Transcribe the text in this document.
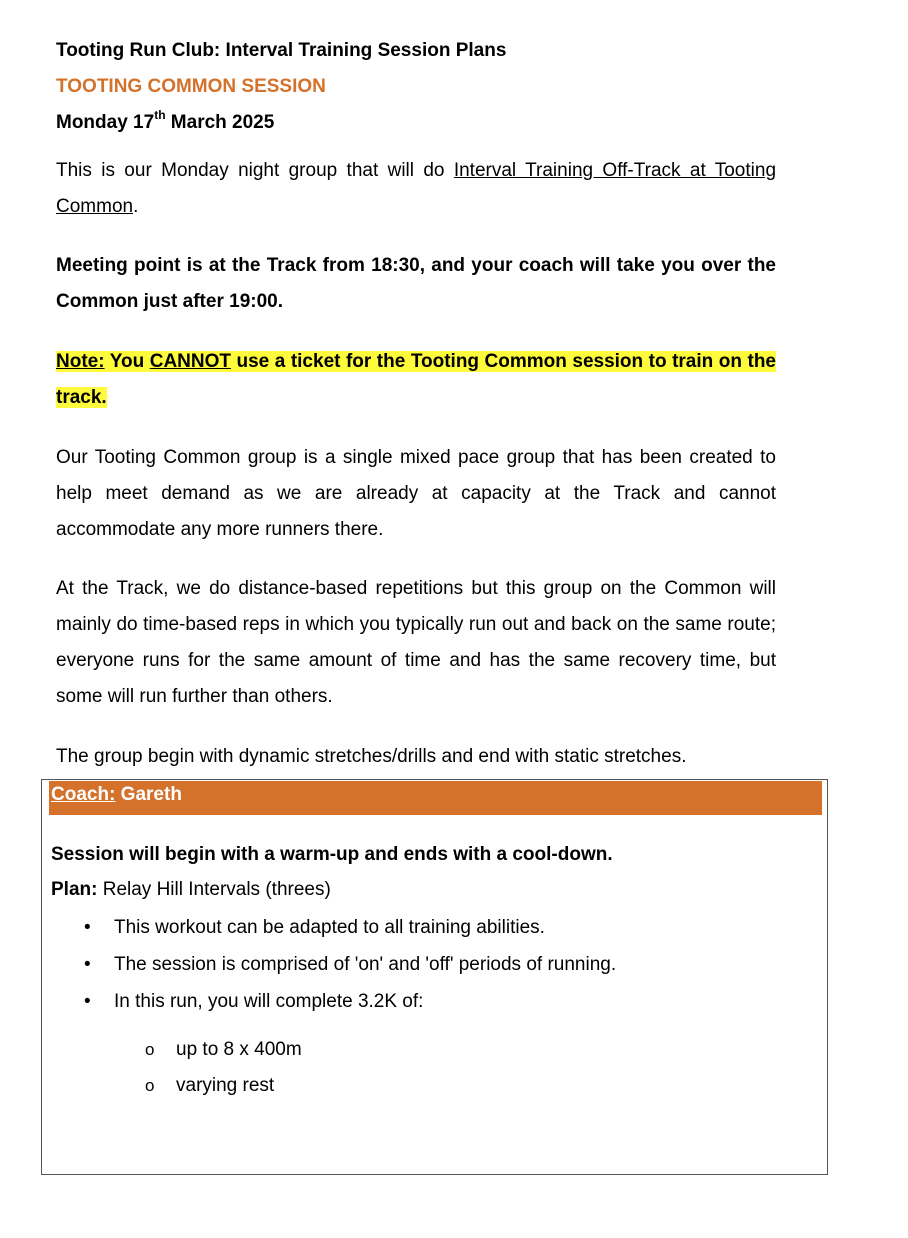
Tooting Run Club: Interval Training Session Plans
TOOTING COMMON SESSION
Monday 17th March 2025
This is our Monday night group that will do Interval Training Off-Track at Tooting Common.
Meeting point is at the Track from 18:30, and your coach will take you over the Common just after 19:00.
Note: You CANNOT use a ticket for the Tooting Common session to train on the track.
Our Tooting Common group is a single mixed pace group that has been created to help meet demand as we are already at capacity at the Track and cannot accommodate any more runners there.
At the Track, we do distance-based repetitions but this group on the Common will mainly do time-based reps in which you typically run out and back on the same route; everyone runs for the same amount of time and has the same recovery time, but some will run further than others.
The group begin with dynamic stretches/drills and end with static stretches.
Coach: Gareth
Session will begin with a warm-up and ends with a cool-down.
Plan: Relay Hill Intervals (threes)
• This workout can be adapted to all training abilities.
• The session is comprised of 'on' and 'off' periods of running.
• In this run, you will complete 3.2K of:
o up to 8 x 400m
o varying rest
